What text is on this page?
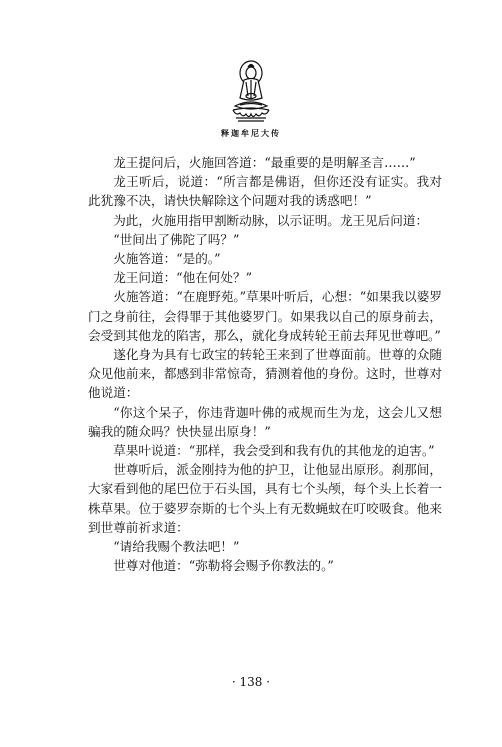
释迦牟尼大传

龙王提问后，火施回答道：“最重要的是明解圣言……”

龙王听后，说道：“所言都是佛语，但你还没有证实。我对此犹豫不决，请快快解除这个问题对我的诱惑吧！”

为此，火施用指甲割断动脉，以示证明。龙王见后问道：

“世间出了佛陀了吗？”

火施答道：“是的。”

龙王问道：“他在何处？”

火施答道：“在鹿野苑。”草果叶听后，心想：“如果我以婆罗门之身前往，会得罪于其他婆罗门。如果我以自己的原身前去，会受到其他龙的陷害，那么，就化身成转轮王前去拜见世尊吧。”

遂化身为具有七政宝的转轮王来到了世尊面前。世尊的众随众见他前来，都感到非常惊奇，猜测着他的身份。这时，世尊对他说道：

“你这个呆子，你违背迦叶佛的戒规而生为龙，这会儿又想骗我的随众吗？快快显出原身！”

草果叶说道：“那样，我会受到和我有仇的其他龙的迫害。”

世尊听后，派金刚持为他的护卫，让他显出原形。刹那间，大家看到他的尾巴位于石头国，具有七个头颅，每个头上长着一株草果。位于婆罗奈斯的七个头上有无数蝇蚊在叮咬吸食。他来到世尊前祈求道：

“请给我赐个教法吧！”

世尊对他道：“弥勒将会赐予你教法的。”

· 138 ·
